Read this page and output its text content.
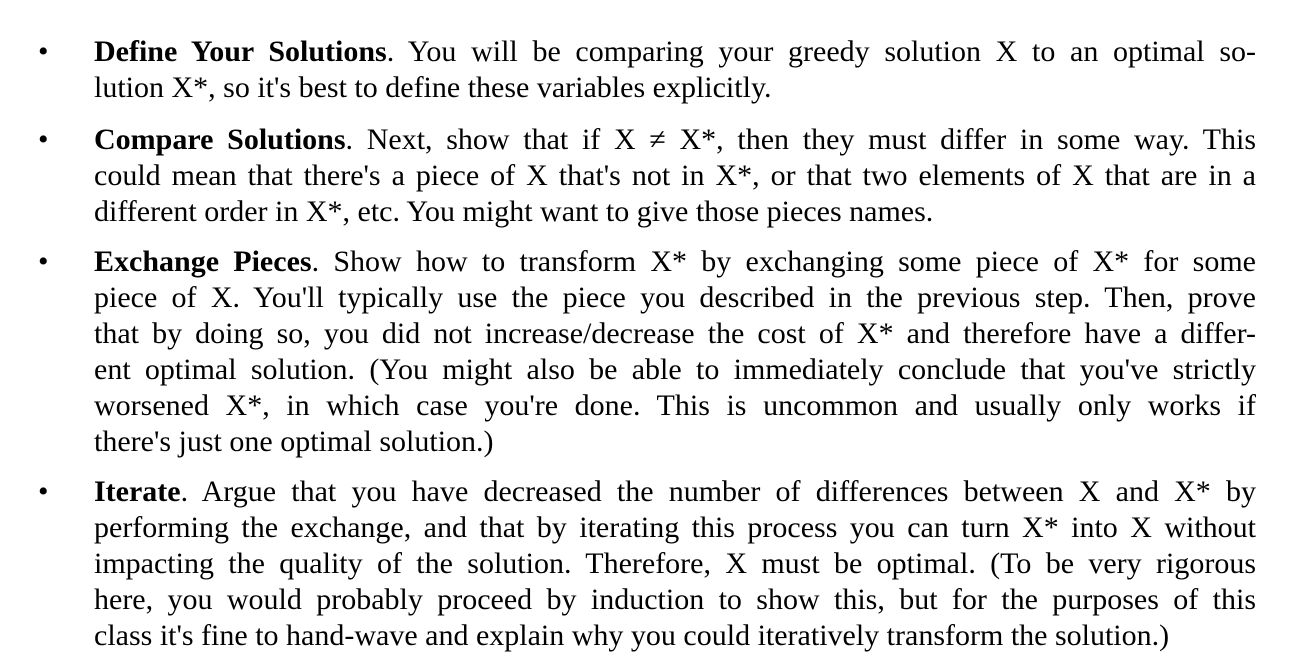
• Define Your Solutions. You will be comparing your greedy solution X to an optimal so-
lution X*, so it's best to define these variables explicitly.
• Compare Solutions. Next, show that if X ≠ X*, then they must differ in some way. This
could mean that there's a piece of X that's not in X*, or that two elements of X that are in a
different order in X*, etc. You might want to give those pieces names.
• Exchange Pieces. Show how to transform X* by exchanging some piece of X* for some
piece of X. You'll typically use the piece you described in the previous step. Then, prove
that by doing so, you did not increase/decrease the cost of X* and therefore have a differ-
ent optimal solution. (You might also be able to immediately conclude that you've strictly
worsened X*, in which case you're done. This is uncommon and usually only works if
there's just one optimal solution.)
• Iterate. Argue that you have decreased the number of differences between X and X* by
performing the exchange, and that by iterating this process you can turn X* into X without
impacting the quality of the solution. Therefore, X must be optimal. (To be very rigorous
here, you would probably proceed by induction to show this, but for the purposes of this
class it's fine to hand-wave and explain why you could iteratively transform the solution.)
